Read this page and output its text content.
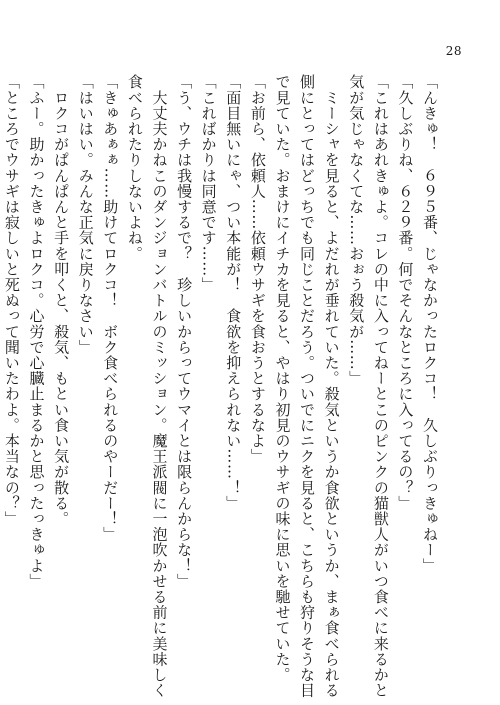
28
「んきゅ！　６９５番、じゃなかったロクコ！　久しぶりっきゅねー」
「久しぶりね、６２９番。何でそんなところに入ってるの？」
「これはあれきゅよ。コレの中に入ってねーとこのピンクの猫獣人がいつ食べに来るかと
気が気じゃなくてな……おぉう殺気が……」
　ミーシャを見ると、よだれが垂れていた。殺気というか食欲というか、まぁ食べられる
側にとってはどっちでも同じことだろう。ついでにニクを見ると、こちらも狩りそうな目
で見ていた。おまけにイチカを見ると、やはり初見のウサギの味に思いを馳せていた。
「お前ら、依頼人……依頼ウサギを食おうとするなよ」
「面目無いにゃ、つい本能が！　食欲を抑えられない……！」
「こればかりは同意です……」
「う、ウチは我慢するで？　珍しいからってウマイとは限らんからな！」
　大丈夫かねこのダンジョンバトルのミッション。魔王派閥に一泡吹かせる前に美味しく
食べられたりしないよね。
「きゅあぁぁ……助けてロクコ！　ボク食べられるのやーだー！」
「はいはい。みんな正気に戻りなさい」
　ロクコがぱんぱんと手を叩くと、殺気、もとい食い気が散る。
「ふー。助かったきゅよロクコ。心労で心臓止まるかと思ったっきゅよ」
「ところでウサギは寂しいと死ぬって聞いたわよ。本当なの？」
